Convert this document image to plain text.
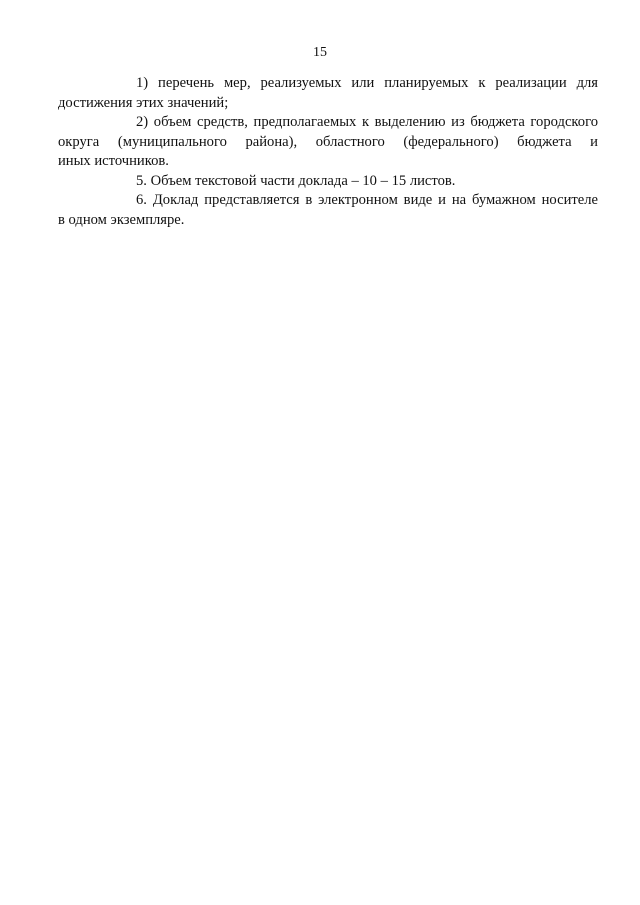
15

1) перечень мер, реализуемых или планируемых к реализации для
достижения этих значений;

2) объем средств, предполагаемых к выделению из бюджета городского
округа (муниципального района), областного (федерального) бюджета и
иных источников.

5. Объем текстовой части доклада – 10 – 15 листов.

6. Доклад представляется в электронном виде и на бумажном носителе
в одном экземпляре.
